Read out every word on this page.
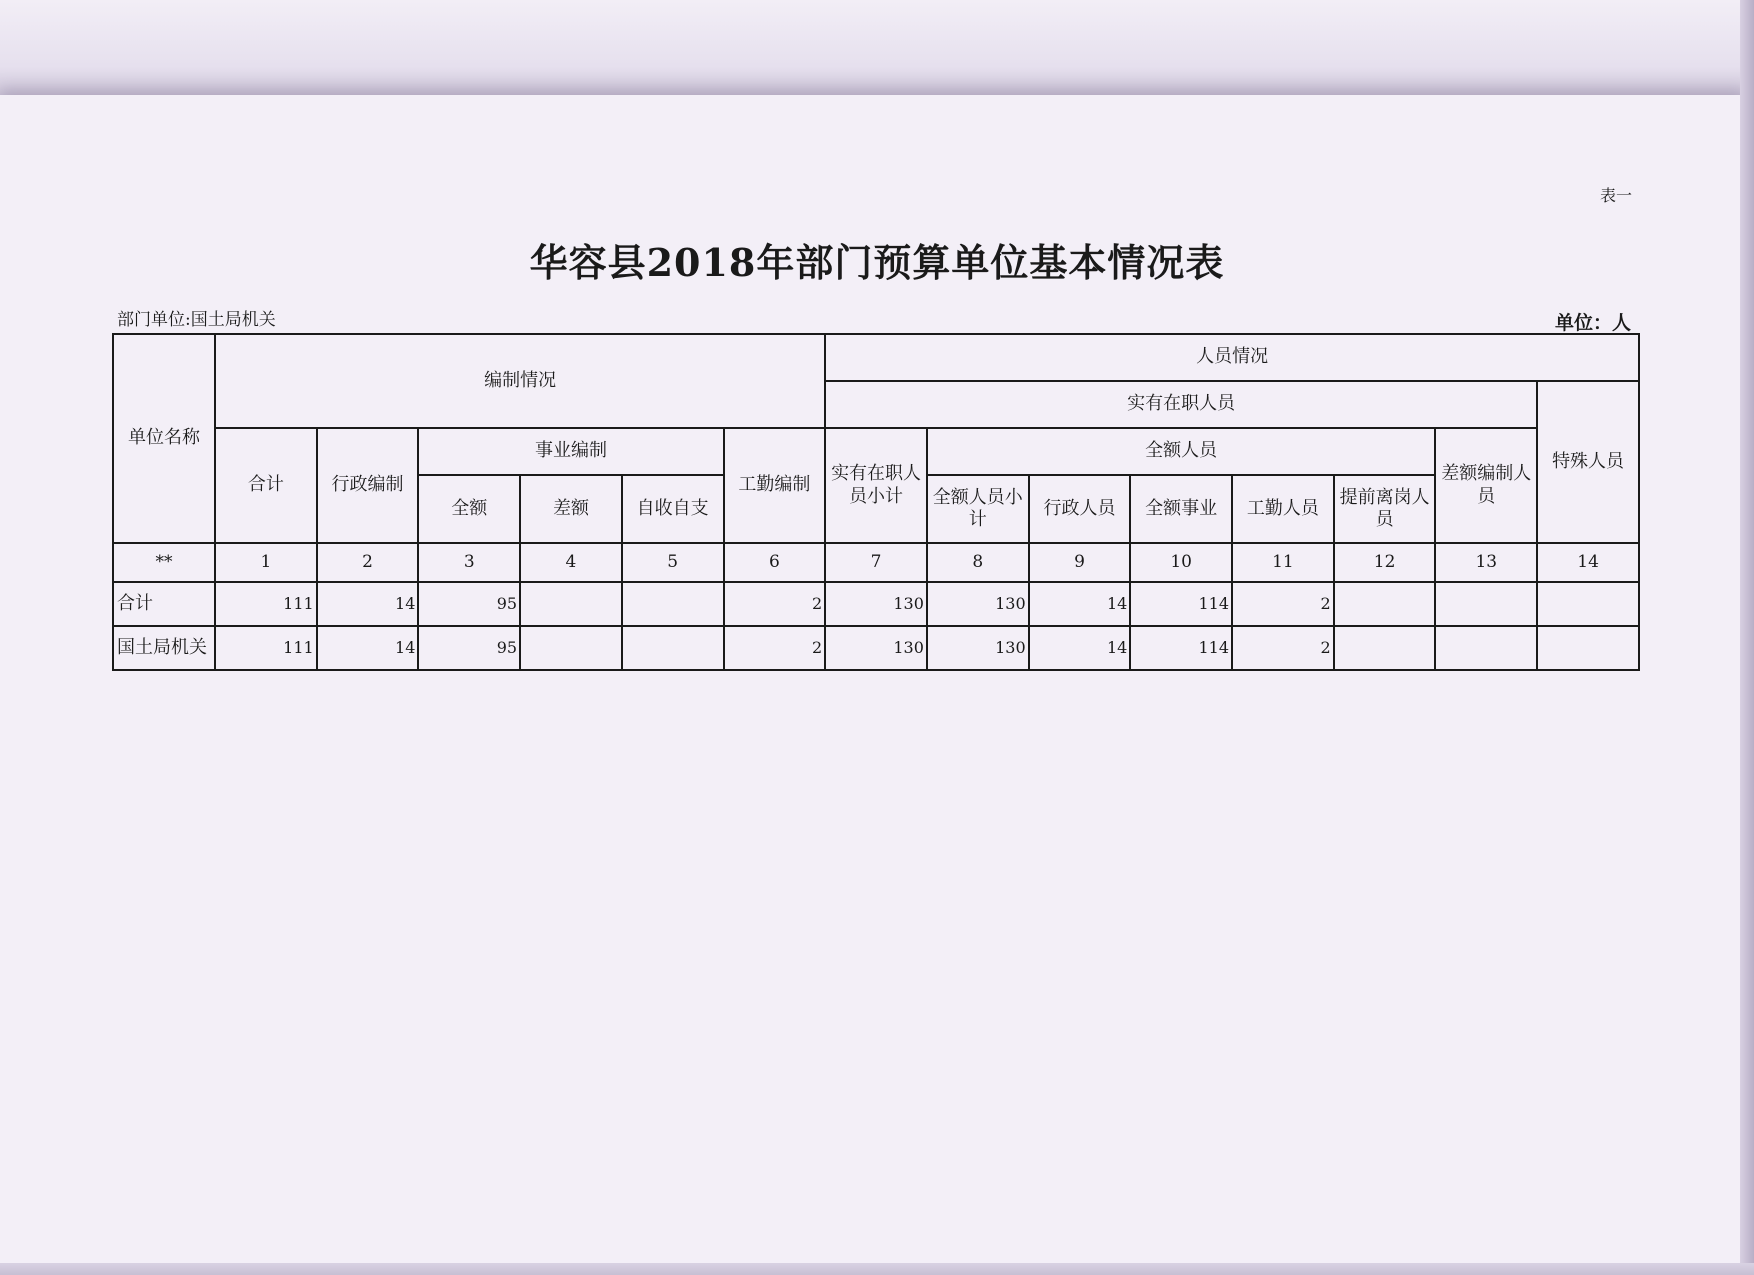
表一
华容县2018年部门预算单位基本情况表
部门单位:国土局机关	单位：人
单位名称	编制情况						人员情况							
							实有在职人员							特殊人员
	合计	行政编制	事业编制			工勤编制	实有在职人员小计	全额人员					差额编制人员	
			全额	差额	自收自支			全额人员小计	行政人员	全额事业	工勤人员	提前离岗人员		
**	1	2	3	4	5	6	7	8	9	10	11	12	13	14
合计	111	14	95			2	130	130	14	114	2			
国土局机关	111	14	95			2	130	130	14	114	2			
